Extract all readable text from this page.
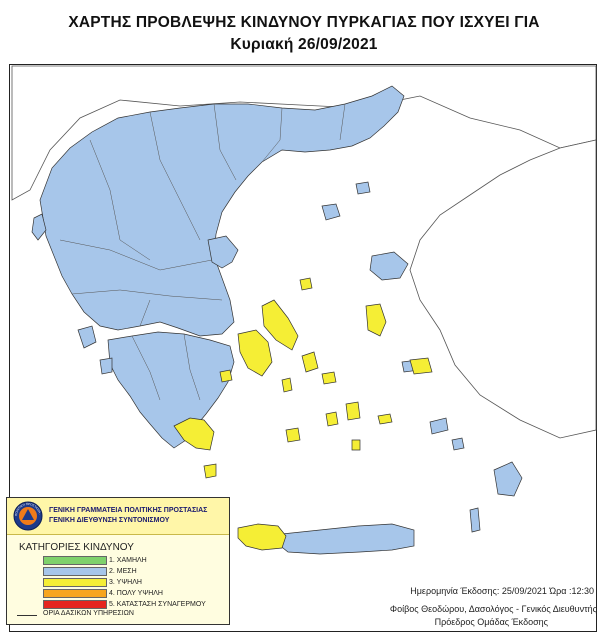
ΧΑΡΤΗΣ ΠΡΟΒΛΕΨΗΣ ΚΙΝΔΥΝΟΥ ΠΥΡΚΑΓΙΑΣ ΠΟΥ ΙΣΧΥΕΙ ΓΙΑ
Κυριακή 26/09/2021
ΠΟΛΙΤΙΚΗ ΠΡΟΣΤΑΣΙΑ ·
ΓΕΝΙΚΗ ΓΡΑΜΜΑΤΕΙΑ ΠΟΛΙΤΙΚΗΣ ΠΡΟΣΤΑΣΙΑΣ
ΓΕΝΙΚΗ ΔΙΕΥΘΥΝΣΗ ΣΥΝΤΟΝΙΣΜΟΥ
ΚΑΤΗΓΟΡΙΕΣ ΚΙΝΔΥΝΟΥ
1. ΧΑΜΗΛΗ
2. ΜΕΣΗ
3. ΥΨΗΛΗ
4. ΠΟΛΥ ΥΨΗΛΗ
5. ΚΑΤΑΣΤΑΣΗ ΣΥΝΑΓΕΡΜΟΥ
ΟΡΙΑ ΔΑΣΙΚΩΝ ΥΠΗΡΕΣΙΩΝ
Ημερομηνία Έκδοσης: 25/09/2021 Ώρα :12:30
Φοίβος Θεοδώρου, Δασολόγος - Γενικός Διευθυντής
Πρόεδρος Ομάδας Έκδοσης
